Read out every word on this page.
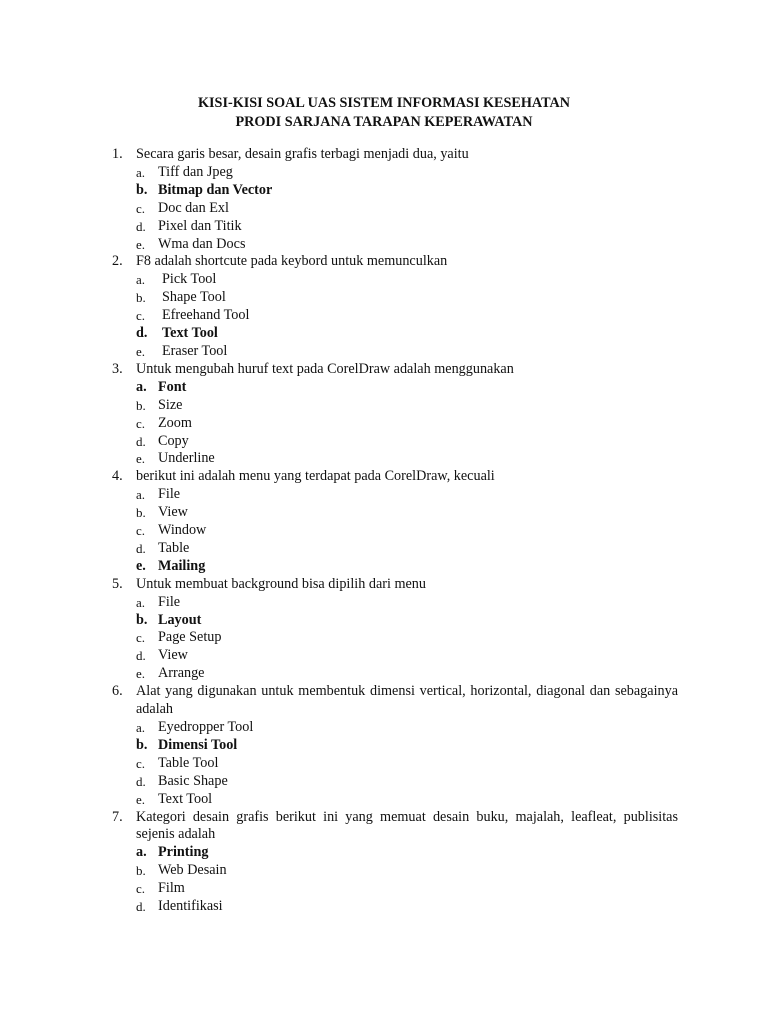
KISI-KISI SOAL UAS SISTEM INFORMASI KESEHATAN
PRODI SARJANA TARAPAN KEPERAWATAN
1. Secara garis besar, desain grafis terbagi menjadi dua, yaitu
a. Tiff dan Jpeg
b. Bitmap dan Vector
c. Doc dan Exl
d. Pixel dan Titik
e. Wma dan Docs
2. F8 adalah shortcute pada keybord untuk memunculkan
a. Pick Tool
b. Shape Tool
c. Efreehand Tool
d. Text Tool
e. Eraser Tool
3. Untuk mengubah huruf text pada CorelDraw adalah menggunakan
a. Font
b. Size
c. Zoom
d. Copy
e. Underline
4. berikut ini adalah menu yang terdapat pada CorelDraw, kecuali
a. File
b. View
c. Window
d. Table
e. Mailing
5. Untuk membuat background bisa dipilih dari menu
a. File
b. Layout
c. Page Setup
d. View
e. Arrange
6. Alat yang digunakan untuk membentuk dimensi vertical, horizontal, diagonal dan sebagainya adalah
a. Eyedropper Tool
b. Dimensi Tool
c. Table Tool
d. Basic Shape
e. Text Tool
7. Kategori desain grafis berikut ini yang memuat desain buku, majalah, leafleat, publisitas sejenis adalah
a. Printing
b. Web Desain
c. Film
d. Identifikasi
